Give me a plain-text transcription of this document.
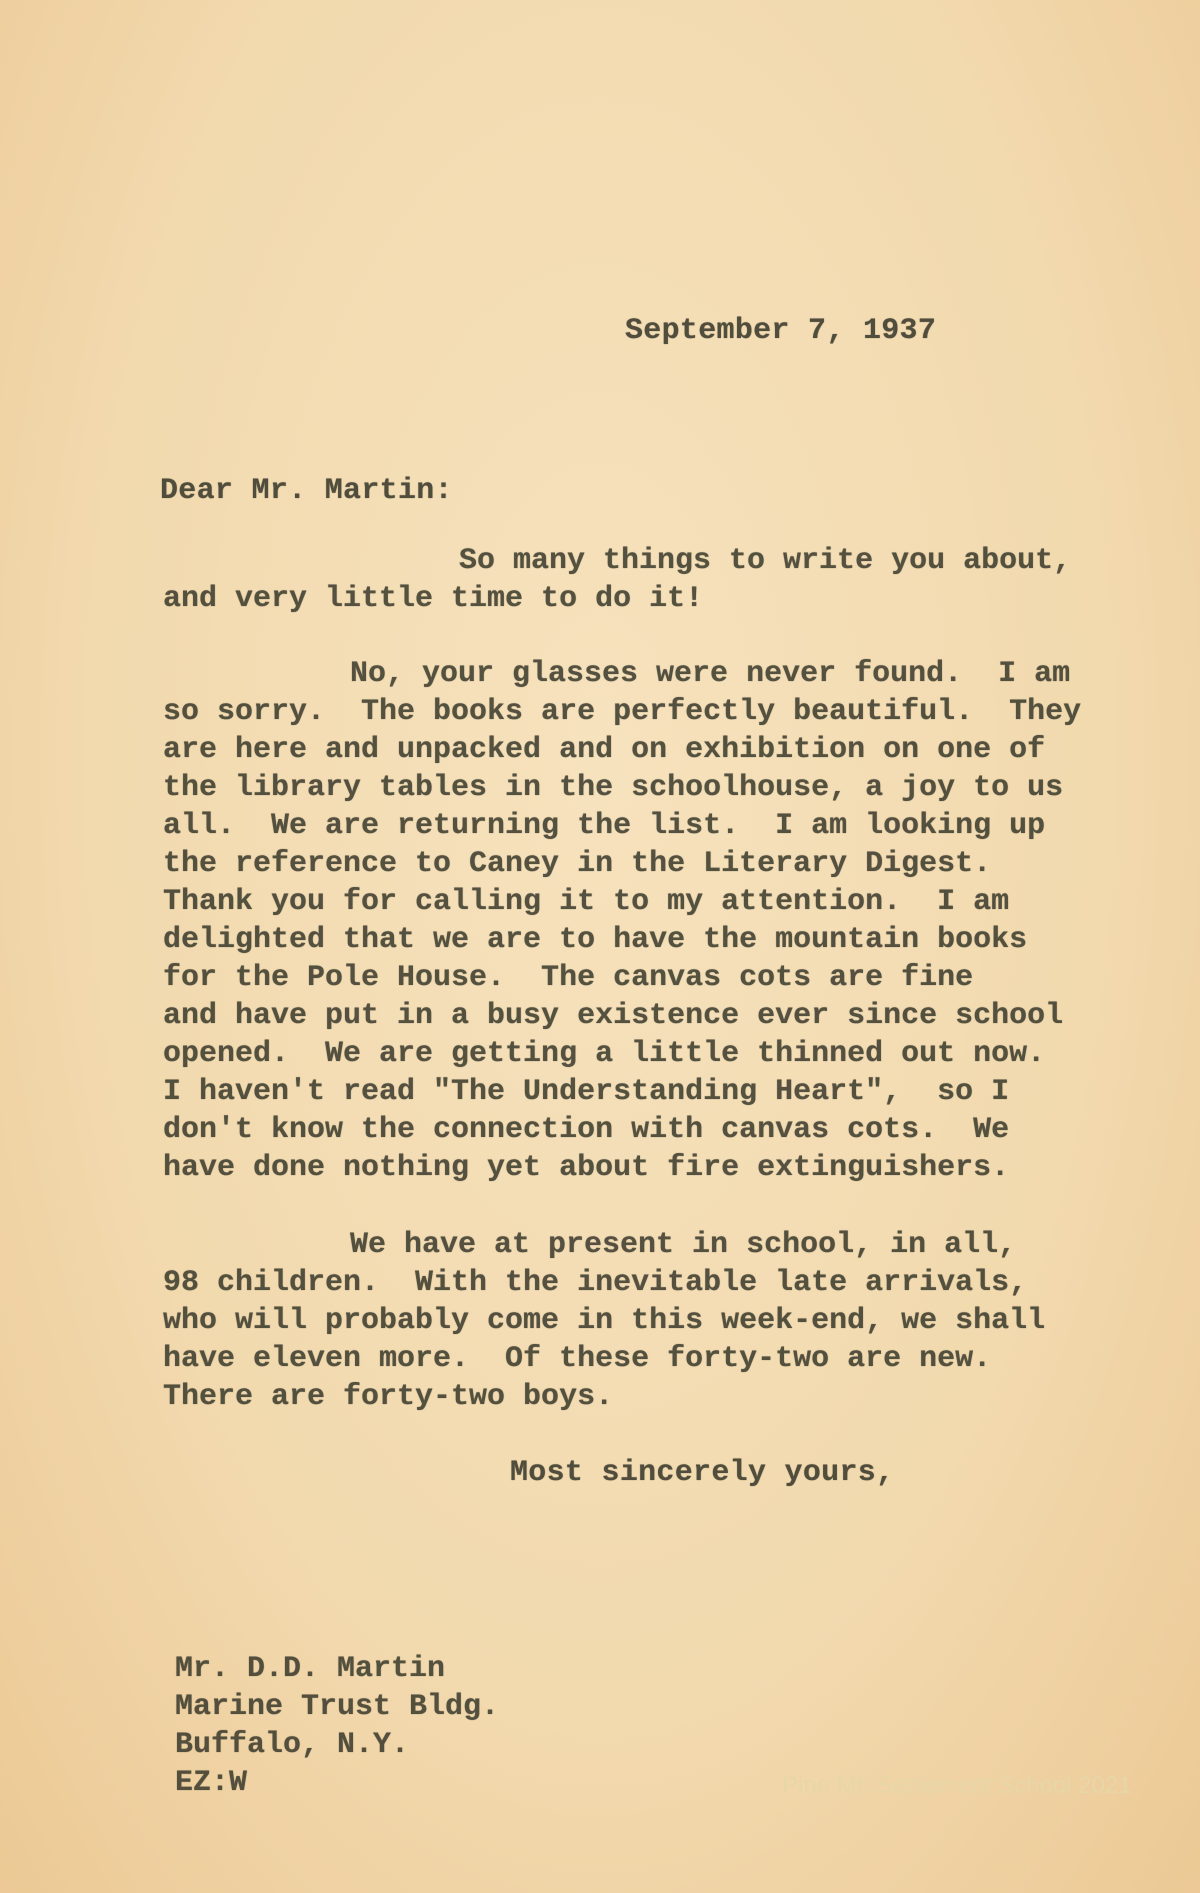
September 7, 1937
Dear Mr. Martin:
So many things to write you about,
and very little time to do it!
No, your glasses were never found.  I am
so sorry.  The books are perfectly beautiful.  They
are here and unpacked and on exhibition on one of
the library tables in the schoolhouse, a joy to us
all.  We are returning the list.  I am looking up
the reference to Caney in the Literary Digest.
Thank you for calling it to my attention.  I am
delighted that we are to have the mountain books
for the Pole House.  The canvas cots are fine
and have put in a busy existence ever since school
opened.  We are getting a little thinned out now.
I haven't read "The Understanding Heart",  so I
don't know the connection with canvas cots.  We
have done nothing yet about fire extinguishers.
We have at present in school, in all,
98 children.  With the inevitable late arrivals,
who will probably come in this week-end, we shall
have eleven more.  Of these forty-two are new.
There are forty-two boys.
Most sincerely yours,
Mr. D.D. Martin
Marine Trust Bldg.
Buffalo, N.Y.
EZ:W	Pine Mt. Settlement School 2021
